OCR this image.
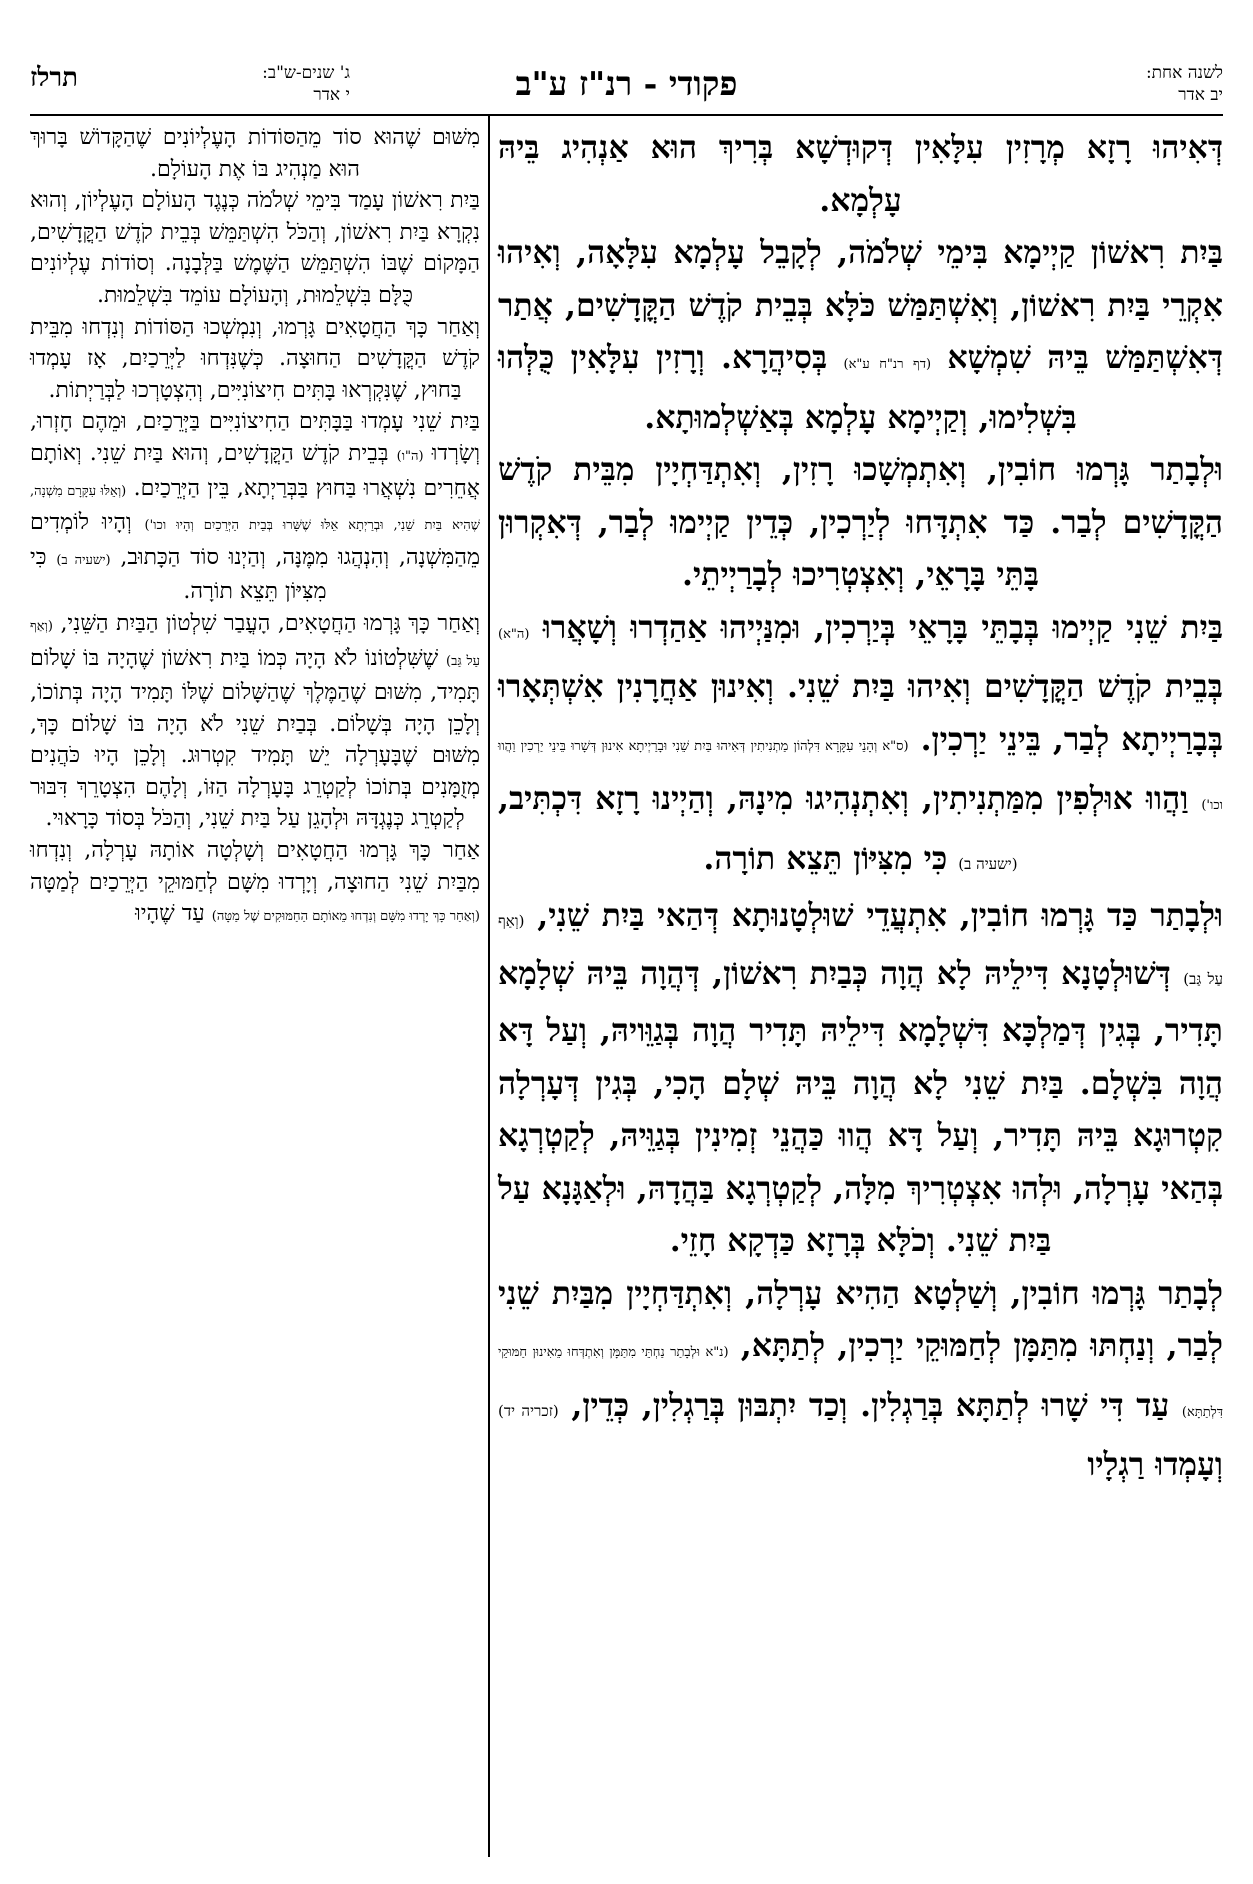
לשנה אחת:
יב אדר
פקודי - רנ"ז ע"ב
ג' שנים-ש"ב:
י אדר
תרלז

דְּאִיהוּ רָזָא מְרָזִין עִלָּאִין דְּקוּדְשָׁא בְּרִיךְ הוּא אַנְהִיג בֵּיהּ עָלְמָא.

בַּיִת רִאשׁוֹן קַיְימָא בִּימֵי שְׁלֹמֹה, לְקָבֵל עָלְמָא עִלָּאָה, וְאִיהוּ אִקְרֵי בַּיִת רִאשׁוֹן, וְאִשְׁתַּמַּשׁ כֹּלָּא בְּבֵית קֹדֶשׁ הַקֳּדָשִׁים, אֲתַר דְּאִשְׁתַּמַּשׁ בֵּיהּ שִׁמְשָׁא (דף רנ"ח ע"א) בְּסִיהֲרָא. וְרָזִין עִלָּאִין כֻּלְּהוּ בִּשְׁלִימוּ, וְקַיְימָא עָלְמָא בְּאַשְׁלְמוּתָא.

וּלְבָתַר גָּרְמוּ חוֹבִין, וְאִתְמְשָׁכוּ רָזִין, וְאִתְדַּחְיָין מִבֵּית קֹדֶשׁ הַקֳּדָשִׁים לְבַר. כַּד אִתְדָּחוּ לְיַרְכִין, כְּדֵין קַיְימוּ לְבַר, דְּאִקְרוּן בָּתֵּי בָּרָאֵי, וְאִצְטְרִיכוּ לְבָרַיְיתֵי.

בַּיִת שֵׁנִי קַיְימוּ בְּבָתֵּי בָּרָאֵי בְּיַרְכִין, וּמִנַּיְיהוּ אַהַדְרוּ וְשָׁאֲרוּ (ה"א) בְּבֵית קֹדֶשׁ הַקֳּדָשִׁים וְאִיהוּ בַּיִת שֵׁנִי. וְאִינוּן אַחֲרָנִין אִשְׁתְּאָרוּ בְּבָרַיְיתָא לְבַר, בֵּינֵי יַרְכִין. (ס"א וְהָנֵי עִקָּרָא דִּלְהוֹן מַתְנִיתִין דְּאִיהוּ בַּיִת שֵׁנִי וּבָרַיְיתָא אִינוּן דְּשָׁרוּ בֵּינֵי יַרְכִין וַהֲווּ וכו') וַהֲווּ אוּלְפִין מִמַּתְנִיתִין, וְאִתְנְהִיגוּ מִינָהּ, וְהַיְינוּ רָזָא דִּכְתִּיב, (ישעיה ב) כִּי מִצִּיּוֹן תֵּצֵא תוֹרָה.

וּלְבָתַר כַּד גָּרְמוּ חוֹבִין, אִתְעֲדֵי שׁוּלְטָנוּתָא דְּהַאי בַּיִת שֵׁנִי, (וְאַף עַל גַּב) דְּשׁוּלְטָנָא דִּילֵיהּ לָא הֲוָה כְּבַיִת רִאשׁוֹן, דְּהֲוָה בֵּיהּ שְׁלָמָא תָּדִיר, בְּגִין דְּמַלְכָּא דִּשְׁלָמָא דִּילֵיהּ תָּדִיר הֲוָה בְּגַוֵּויהּ, וְעַל דָּא הֲוָה בִּשְׁלָם. בַּיִת שֵׁנִי לָא הֲוָה בֵּיהּ שְׁלָם הָכִי, בְּגִין דְּעָרְלָה קִטְרוּגָא בֵּיהּ תָּדִיר, וְעַל דָּא הֲווּ כַּהֲנֵי זְמִינִין בְּגַוֵּיהּ, לְקַטְרְגָא בְּהַאי עָרְלָה, וּלְהוּ אִצְטְרִיךְ מִלָּה, לְקַטְרְגָא בַּהֲדָהּ, וּלְאַגָּנָא עַל בַּיִת שֵׁנִי. וְכֹלָּא בְּרָזָא כַּדְקָא חָזֵי.

לְבָתַר גָּרְמוּ חוֹבִין, וְשַׁלְטָא הַהִיא עָרְלָה, וְאִתְדַּחְיָין מִבַּיִת שֵׁנִי לְבַר, וְנַחְתּוּ מִתַּמָּן לְחַמּוּקֵי יַרְכִין, לְתַתָּא, (נ"א וּלְבָתַר נַחְתֵּי מִתַּמָּן וְאִתְדְּחוּ מֵאִינוּן חַמּוּקֵי דִּלְתַתָּא) עַד דִּי שָׁרוּ לְתַתָּא בְּרַגְלִין. וְכַד יִתְבּוּן בְּרַגְלִין, כְּדֵין, (זכריה יד) וְעָמְדוּ רַגְלָיו

מִשּׁוּם שֶׁהוּא סוֹד מֵהַסּוֹדוֹת הָעֶלְיוֹנִים שֶׁהַקָּדוֹשׁ בָּרוּךְ הוּא מַנְהִיג בּוֹ אֶת הָעוֹלָם.

בַּיִת רִאשׁוֹן עָמַד בִּימֵי שְׁלֹמֹה כְּנֶגֶד הָעוֹלָם הָעֶלְיוֹן, וְהוּא נִקְרָא בַּיִת רִאשׁוֹן, וְהַכֹּל הִשְׁתַּמֵּשׁ בְּבֵית קֹדֶשׁ הַקֳּדָשִׁים, הַמָּקוֹם שֶׁבּוֹ הִשְׁתַּמֵּשׁ הַשֶּׁמֶשׁ בַּלְּבָנָה. וְסוֹדוֹת עֶלְיוֹנִים כֻּלָּם בִּשְׁלֵמוּת, וְהָעוֹלָם עוֹמֵד בִּשְׁלֵמוּת.

וְאַחַר כָּךְ הַחֲטָאִים גָּרְמוּ, וְנִמְשְׁכוּ הַסּוֹדוֹת וְנִדְחוּ מִבֵּית קֹדֶשׁ הַקֳּדָשִׁים הַחוּצָה. כְּשֶׁנִּדְחוּ לַיְּרֵכַיִם, אָז עָמְדוּ בַּחוּץ, שֶׁנִּקְרְאוּ בָּתִּים חִיצוֹנִיִּים, וְהִצְטָרְכוּ לַבְּרַיְתוֹת.

בַּיִת שֵׁנִי עָמְדוּ בַּבָּתִּים הַחִיצוֹנִיִּים בַּיְּרֵכַיִם, וּמֵהֶם חָזְרוּ, וְשָׂרְדוּ (ה"ו) בְּבֵית קֹדֶשׁ הַקֳּדָשִׁים, וְהוּא בַּיִת שֵׁנִי. וְאוֹתָם אֲחֵרִים נִשְׁאֲרוּ בַּחוּץ בַּבְּרַיְתָא, בֵּין הַיְּרֵכַיִם. (וְאֵלּוּ עִקָּרָם מִשְׁנָה, שֶׁהִיא בַּיִת שֵׁנִי, וּבְרַיְתָא אֵלּוּ שֶׁשָּׁרוּ בְּבֵית הַיְּרֵכַיִם וְהָיוּ וכו') וְהָיוּ לוֹמְדִים מֵהַמִּשְׁנָה, וְהִנְהֲגוּ מִמֶּנָּה, וְהַיְנוּ סוֹד הַכָּתוּב, (ישעיה ב) כִּי מִצִּיּוֹן תֵּצֵא תוֹרָה.

וְאַחַר כָּךְ גָּרְמוּ הַחֲטָאִים, הָעֳבַר שִׁלְטוֹן הַבַּיִת הַשֵּׁנִי, (וְאַף עַל גַּב) שֶׁשִּׁלְטוֹנוֹ לֹא הָיָה כְּמוֹ בַּיִת רִאשׁוֹן שֶׁהָיָה בּוֹ שָׁלוֹם תָּמִיד, מִשּׁוּם שֶׁהַמֶּלֶךְ שֶׁהַשָּׁלוֹם שֶׁלּוֹ תָּמִיד הָיָה בְּתוֹכוֹ, וְלָכֵן הָיָה בְּשָׁלוֹם. בְּבַיִת שֵׁנִי לֹא הָיָה בּוֹ שָׁלוֹם כָּךְ, מִשּׁוּם שֶׁבָּעָרְלָה יֵשׁ תָּמִיד קִטְרוּג. וְלָכֵן הָיוּ כֹּהֲנִים מְזֻמָּנִים בְּתוֹכוֹ לְקַטְרֵג בָּעָרְלָה הַזּוֹ, וְלָהֶם הִצְטָרֵךְ דִּבּוּר לְקַטְרֵג כְּנֶגְדָּהּ וּלְהָגֵן עַל בַּיִת שֵׁנִי, וְהַכֹּל בְּסוֹד כָּרָאוּי.

אַחַר כָּךְ גָּרְמוּ הַחֲטָאִים וְשָׁלְטָה אוֹתָהּ עָרְלָה, וְנִדְחוּ מִבַּיִת שֵׁנִי הַחוּצָה, וְיָרְדוּ מִשָּׁם לְחַמּוּקֵי הַיְּרֵכַיִם לְמַטָּה (וְאַחַר כָּךְ יָרְדוּ מִשָּׁם וְנִדְחוּ מֵאוֹתָם הַחַמּוּקִים שֶׁל מַטָּה) עַד שֶׁהָיוּ
